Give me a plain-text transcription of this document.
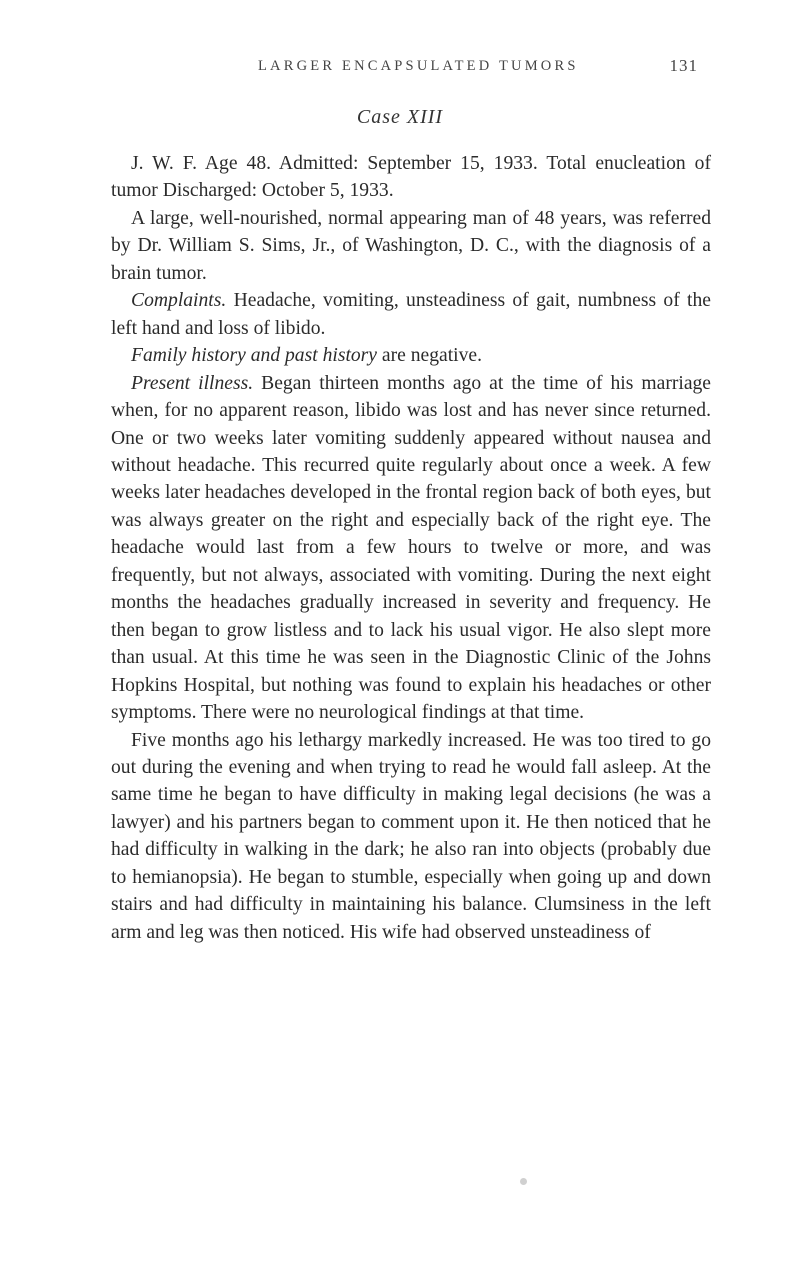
LARGER ENCAPSULATED TUMORS	131
Case XIII

J. W. F. Age 48. Admitted: September 15, 1933. Total enucleation of tumor Discharged: October 5, 1933.

A large, well-nourished, normal appearing man of 48 years, was referred by Dr. William S. Sims, Jr., of Washington, D. C., with the diagnosis of a brain tumor.

Complaints. Headache, vomiting, unsteadiness of gait, numbness of the left hand and loss of libido.

Family history and past history are negative.

Present illness. Began thirteen months ago at the time of his marriage when, for no apparent reason, libido was lost and has never since returned. One or two weeks later vomiting suddenly appeared without nausea and without headache. This recurred quite regularly about once a week. A few weeks later headaches developed in the frontal region back of both eyes, but was always greater on the right and especially back of the right eye. The headache would last from a few hours to twelve or more, and was frequently, but not always, associated with vomiting. During the next eight months the headaches gradually increased in severity and frequency. He then began to grow listless and to lack his usual vigor. He also slept more than usual. At this time he was seen in the Diagnostic Clinic of the Johns Hopkins Hospital, but nothing was found to explain his headaches or other symptoms. There were no neurological findings at that time.

Five months ago his lethargy markedly increased. He was too tired to go out during the evening and when trying to read he would fall asleep. At the same time he began to have difficulty in making legal decisions (he was a lawyer) and his partners began to comment upon it. He then noticed that he had difficulty in walking in the dark; he also ran into objects (probably due to hemianopsia). He began to stumble, especially when going up and down stairs and had difficulty in maintaining his balance. Clumsiness in the left arm and leg was then noticed. His wife had observed unsteadiness of
